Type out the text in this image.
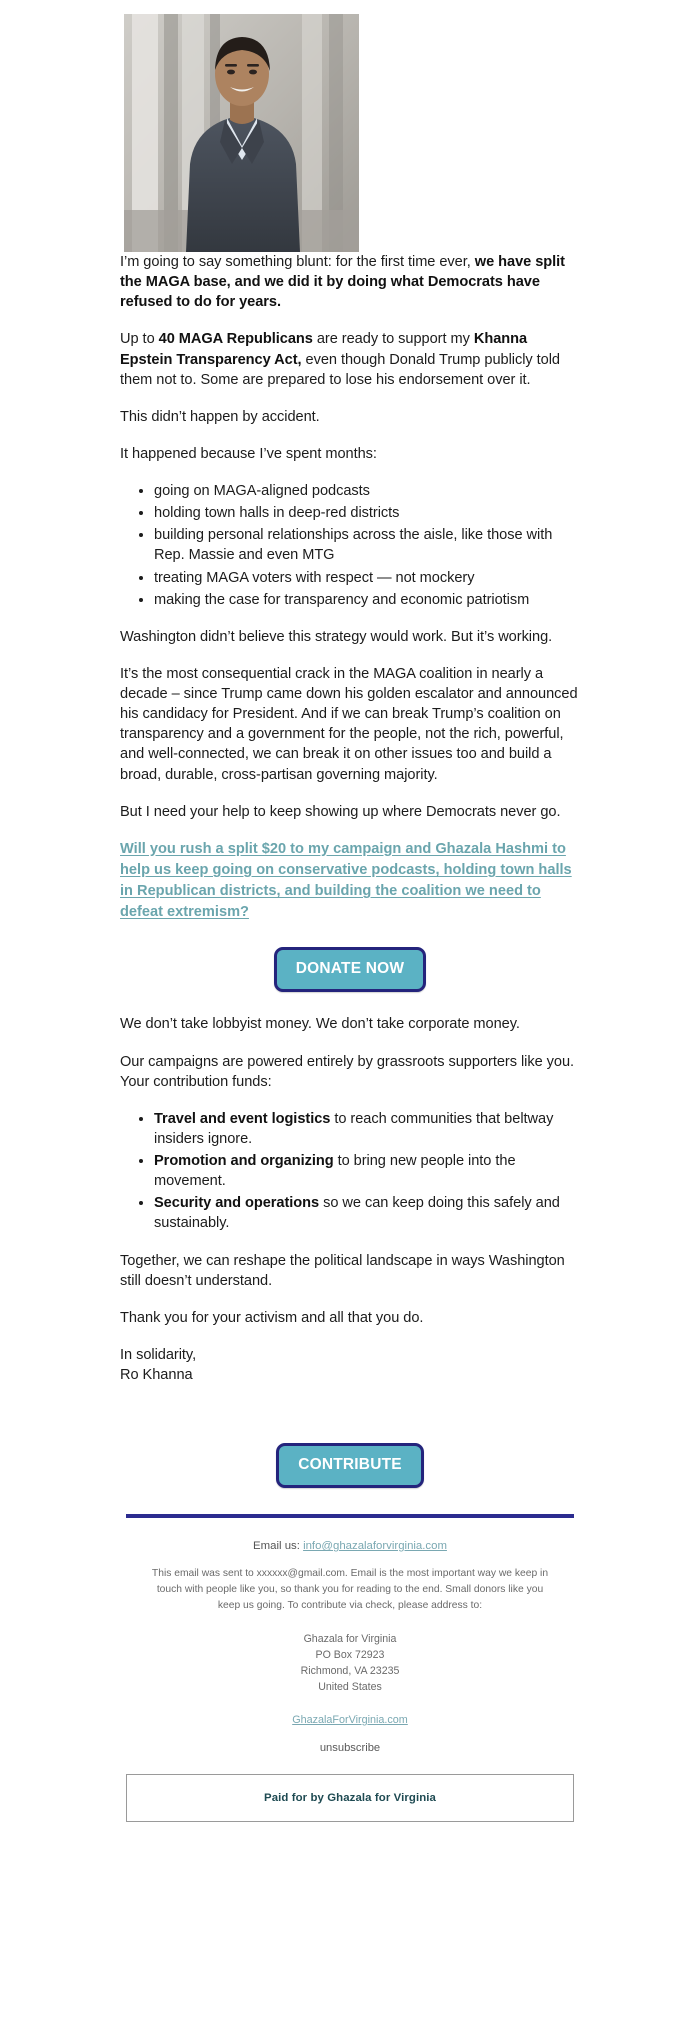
I’m going to say something blunt: for the first time ever, we have split the MAGA base, and we did it by doing what Democrats have refused to do for years.

Up to 40 MAGA Republicans are ready to support my Khanna Epstein Transparency Act, even though Donald Trump publicly told them not to. Some are prepared to lose his endorsement over it.

This didn’t happen by accident.

It happened because I’ve spent months:

• going on MAGA-aligned podcasts
• holding town halls in deep-red districts
• building personal relationships across the aisle, like those with Rep. Massie and even MTG
• treating MAGA voters with respect — not mockery
• making the case for transparency and economic patriotism

Washington didn’t believe this strategy would work. But it’s working.

It’s the most consequential crack in the MAGA coalition in nearly a decade – since Trump came down his golden escalator and announced his candidacy for President. And if we can break Trump’s coalition on transparency and a government for the people, not the rich, powerful, and well-connected, we can break it on other issues too and build a broad, durable, cross-partisan governing majority.

But I need your help to keep showing up where Democrats never go.

Will you rush a split $20 to my campaign and Ghazala Hashmi to help us keep going on conservative podcasts, holding town halls in Republican districts, and building the coalition we need to defeat extremism?

DONATE NOW

We don’t take lobbyist money. We don’t take corporate money.

Our campaigns are powered entirely by grassroots supporters like you. Your contribution funds:

• Travel and event logistics to reach communities that beltway insiders ignore.
• Promotion and organizing to bring new people into the movement.
• Security and operations so we can keep doing this safely and sustainably.

Together, we can reshape the political landscape in ways Washington still doesn’t understand.

Thank you for your activism and all that you do.

In solidarity,
Ro Khanna

CONTRIBUTE

Email us: info@ghazalaforvirginia.com

This email was sent to xxxxxx@gmail.com. Email is the most important way we keep in touch with people like you, so thank you for reading to the end. Small donors like you keep us going. To contribute via check, please address to:

Ghazala for Virginia
PO Box 72923
Richmond, VA 23235
United States

GhazalaForVirginia.com

unsubscribe

Paid for by Ghazala for Virginia
